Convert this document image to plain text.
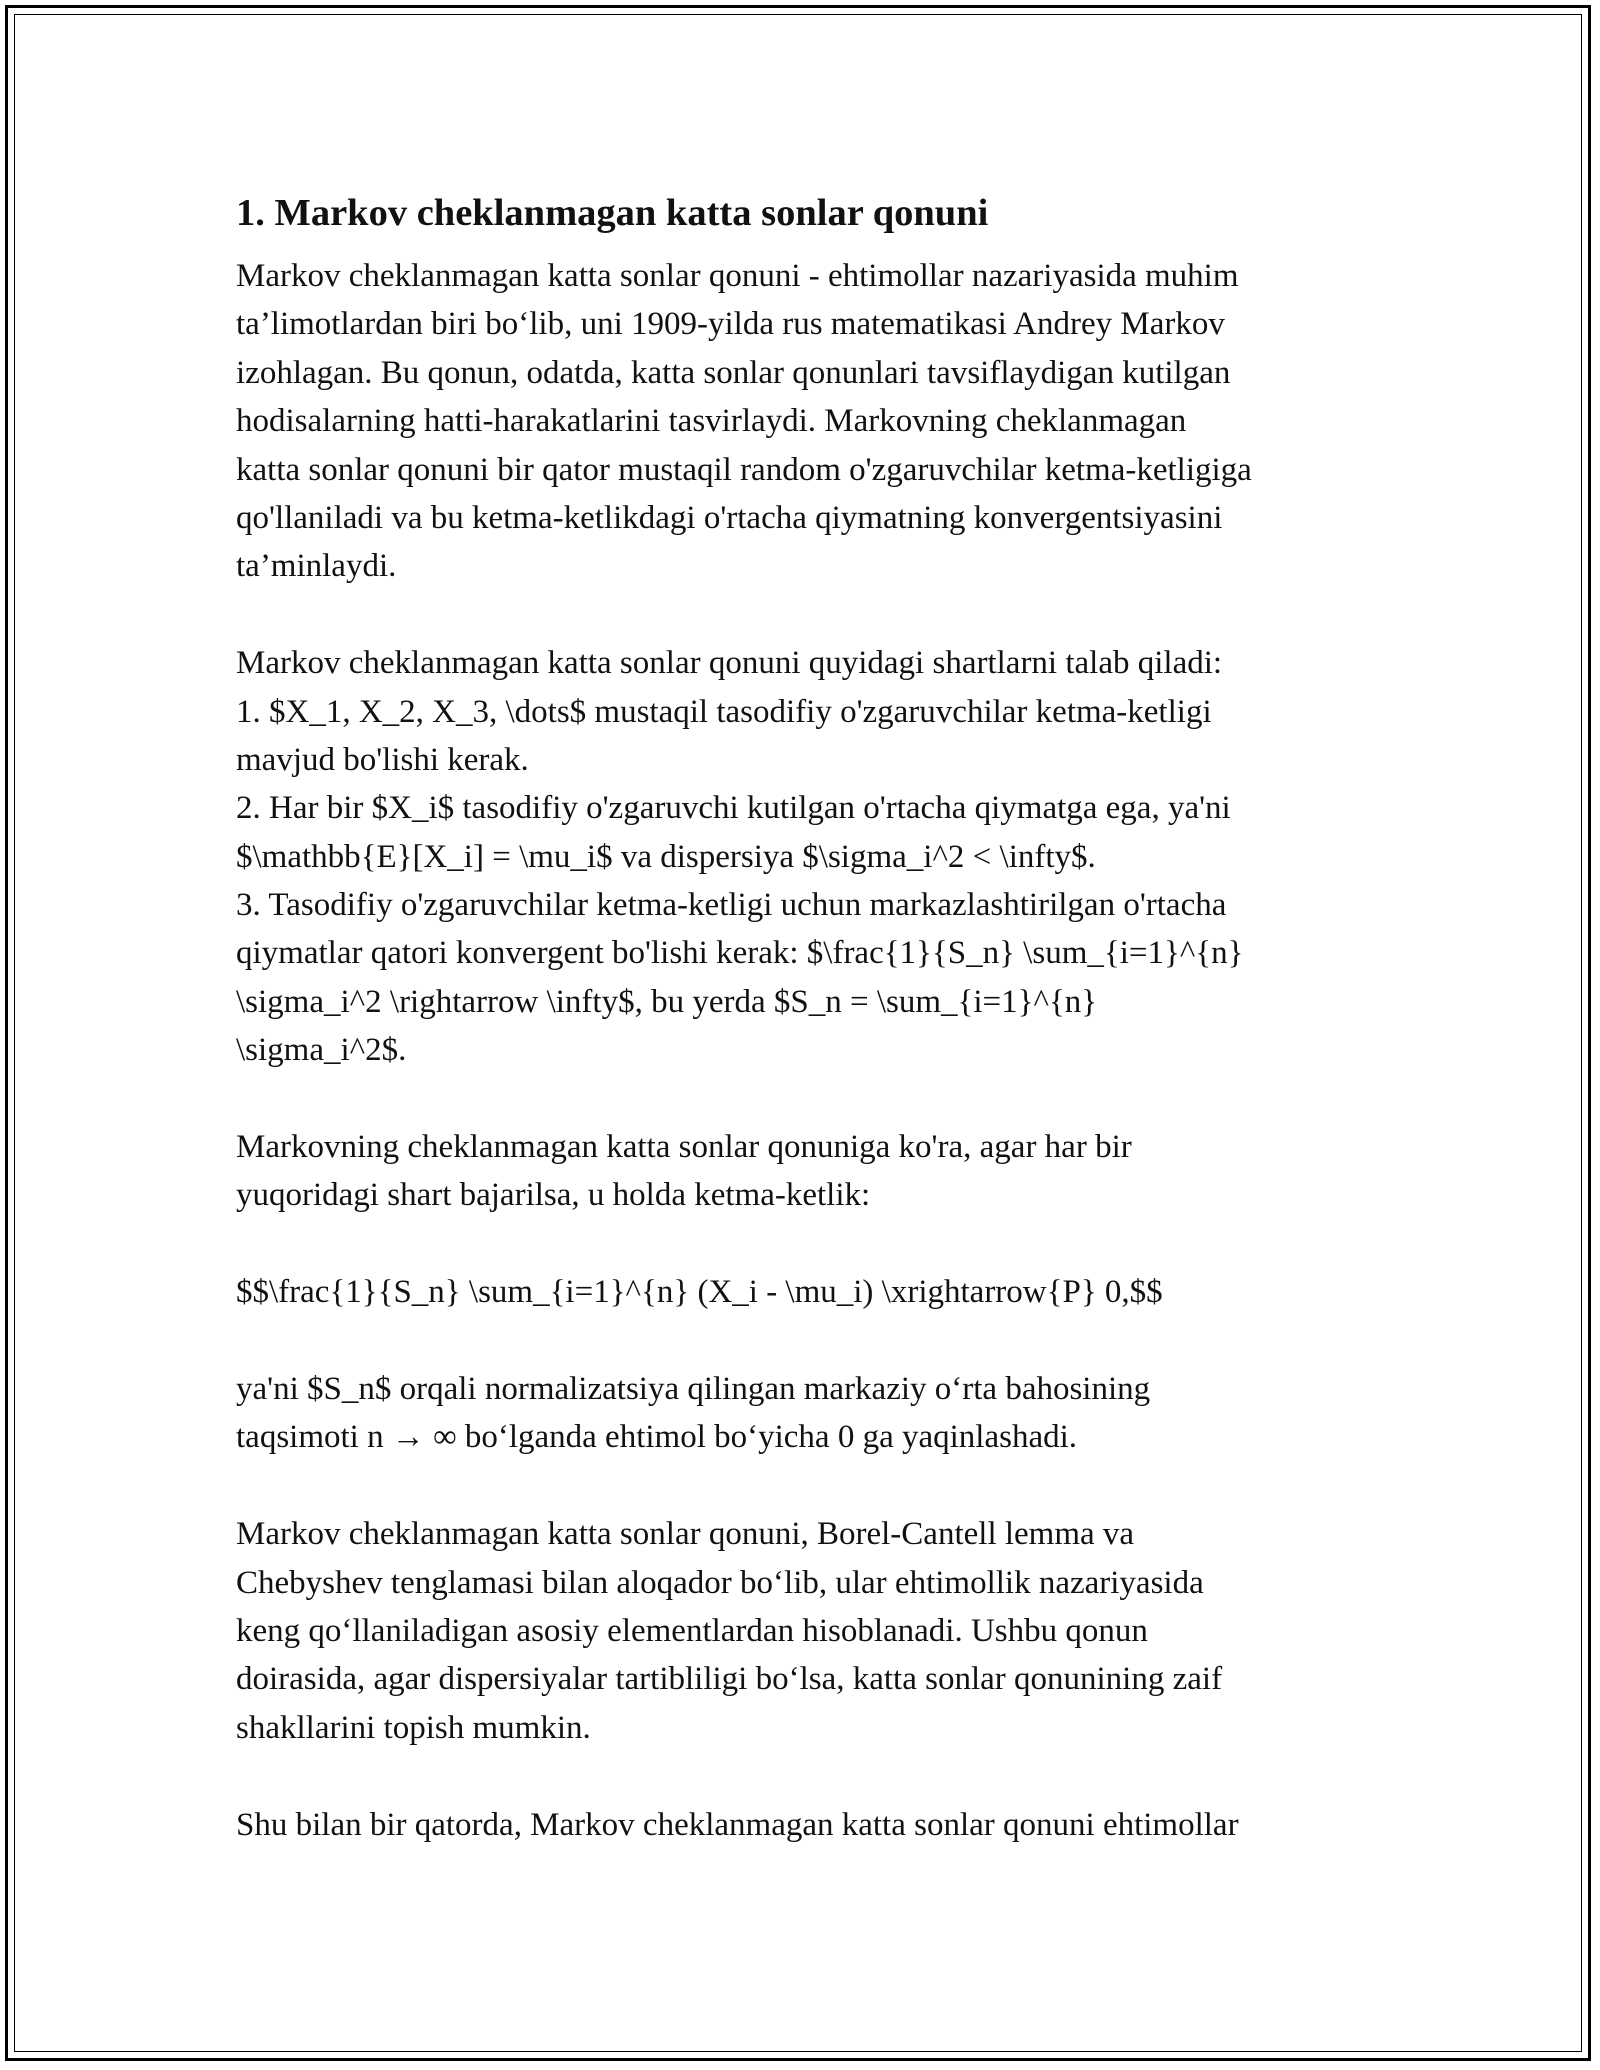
1. Markov cheklanmagan katta sonlar qonuni
Markov cheklanmagan katta sonlar qonuni - ehtimollar nazariyasida muhim
ta’limotlardan biri bo‘lib, uni 1909-yilda rus matematikasi Andrey Markov
izohlagan. Bu qonun, odatda, katta sonlar qonunlari tavsiflaydigan kutilgan
hodisalarning hatti-harakatlarini tasvirlaydi. Markovning cheklanmagan
katta sonlar qonuni bir qator mustaqil random o'zgaruvchilar ketma-ketligiga
qo'llaniladi va bu ketma-ketlikdagi o'rtacha qiymatning konvergentsiyasini
ta’minlaydi.
Markov cheklanmagan katta sonlar qonuni quyidagi shartlarni talab qiladi:
1. $X_1, X_2, X_3, \dots$ mustaqil tasodifiy o'zgaruvchilar ketma-ketligi
mavjud bo'lishi kerak.
2. Har bir $X_i$ tasodifiy o'zgaruvchi kutilgan o'rtacha qiymatga ega, ya'ni
$\mathbb{E}[X_i] = \mu_i$ va dispersiya $\sigma_i^2 < \infty$.
3. Tasodifiy o'zgaruvchilar ketma-ketligi uchun markazlashtirilgan o'rtacha
qiymatlar qatori konvergent bo'lishi kerak: $\frac{1}{S_n} \sum_{i=1}^{n}
\sigma_i^2 \rightarrow \infty$, bu yerda $S_n = \sum_{i=1}^{n}
\sigma_i^2$.
Markovning cheklanmagan katta sonlar qonuniga ko'ra, agar har bir
yuqoridagi shart bajarilsa, u holda ketma-ketlik:
$$\frac{1}{S_n} \sum_{i=1}^{n} (X_i - \mu_i) \xrightarrow{P} 0,$$
ya'ni $S_n$ orqali normalizatsiya qilingan markaziy o‘rta bahosining
taqsimoti n → ∞ bo‘lganda ehtimol bo‘yicha 0 ga yaqinlashadi.
Markov cheklanmagan katta sonlar qonuni, Borel-Cantell lemma va
Chebyshev tenglamasi bilan aloqador bo‘lib, ular ehtimollik nazariyasida
keng qo‘llaniladigan asosiy elementlardan hisoblanadi. Ushbu qonun
doirasida, agar dispersiyalar tartibliligi bo‘lsa, katta sonlar qonunining zaif
shakllarini topish mumkin.
Shu bilan bir qatorda, Markov cheklanmagan katta sonlar qonuni ehtimollar
